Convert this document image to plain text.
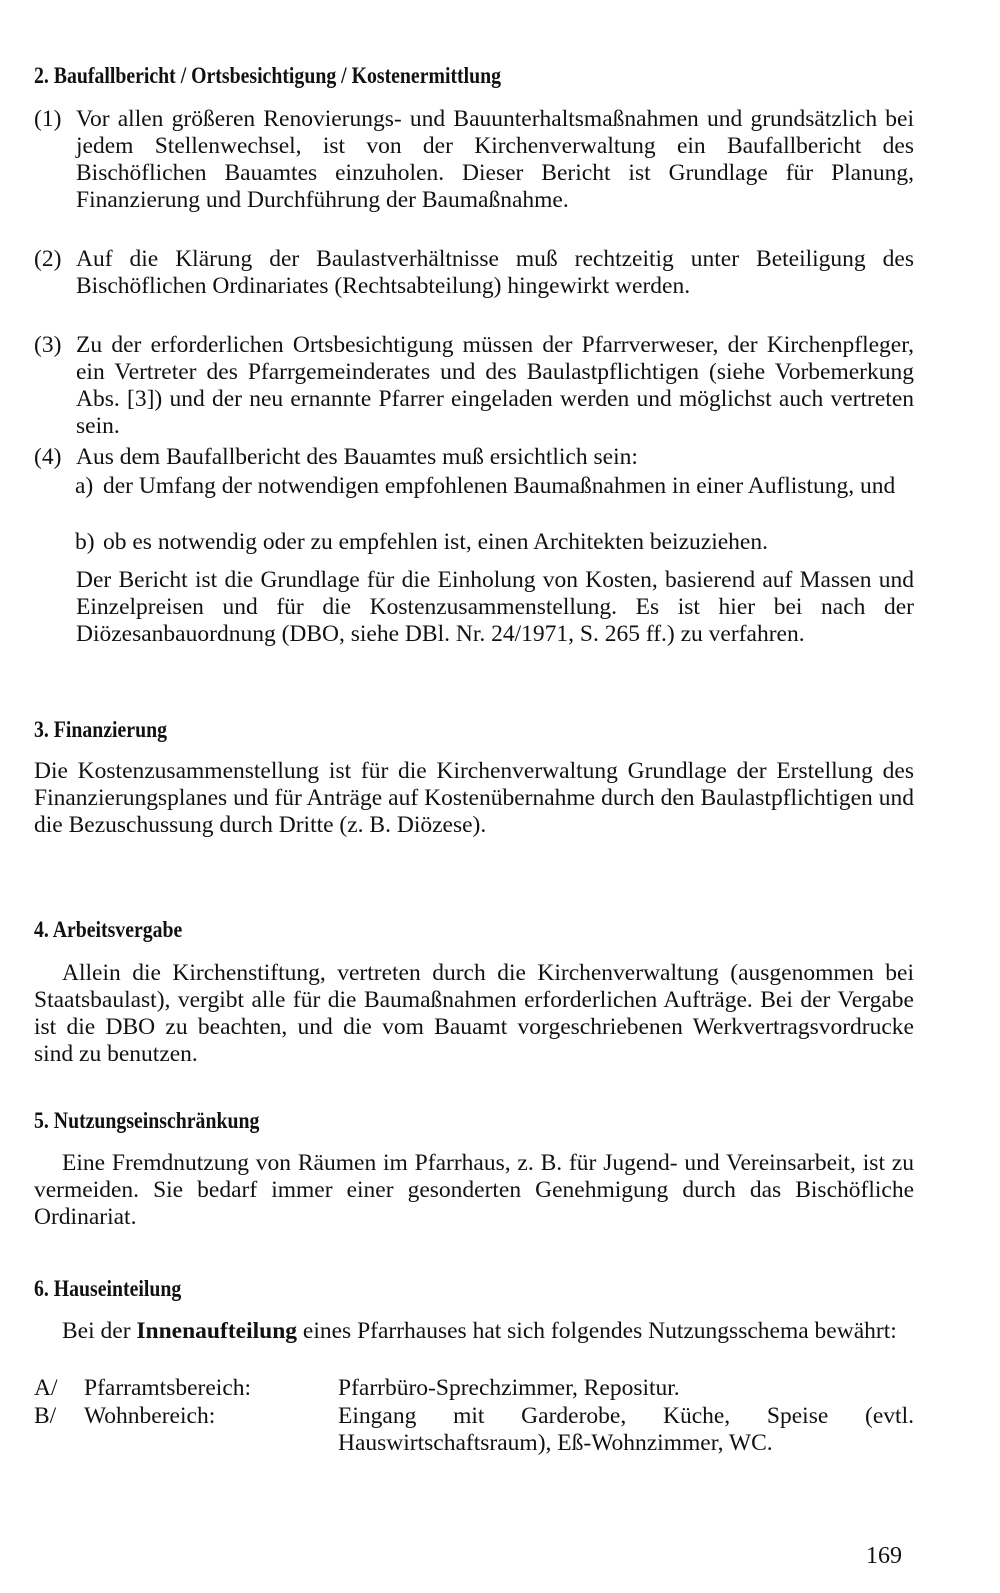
2. Baufallbericht / Ortsbesichtigung / Kostenermittlung
(1) Vor allen größeren Renovierungs- und Bauunterhaltsmaßnahmen und grundsätzlich bei jedem Stellenwechsel, ist von der Kirchenverwaltung ein Baufallbericht des Bischöflichen Bauamtes einzuholen. Dieser Bericht ist Grundlage für Planung, Finanzierung und Durchführung der Baumaßnahme.
(2) Auf die Klärung der Baulastverhältnisse muß rechtzeitig unter Beteiligung des Bischöflichen Ordinariates (Rechtsabteilung) hingewirkt werden.
(3) Zu der erforderlichen Ortsbesichtigung müssen der Pfarrverweser, der Kirchenpfleger, ein Vertreter des Pfarrgemeinderates und des Baulastpflichtigen (siehe Vorbemerkung Abs. [3]) und der neu ernannte Pfarrer eingeladen werden und möglichst auch vertreten sein.
(4) Aus dem Baufallbericht des Bauamtes muß ersichtlich sein:
a) der Umfang der notwendigen empfohlenen Baumaßnahmen in einer Auflistung, und
b) ob es notwendig oder zu empfehlen ist, einen Architekten beizuziehen.
Der Bericht ist die Grundlage für die Einholung von Kosten, basierend auf Massen und Einzelpreisen und für die Kostenzusammenstellung. Es ist hier bei nach der Diözesanbauordnung (DBO, siehe DBl. Nr. 24/1971, S. 265 ff.) zu verfahren.
3. Finanzierung
Die Kostenzusammenstellung ist für die Kirchenverwaltung Grundlage der Erstellung des Finanzierungsplanes und für Anträge auf Kostenübernahme durch den Baulastpflichtigen und die Bezuschussung durch Dritte (z. B. Diözese).
4. Arbeitsvergabe
Allein die Kirchenstiftung, vertreten durch die Kirchenverwaltung (ausgenommen bei Staatsbaulast), vergibt alle für die Baumaßnahmen erforderlichen Aufträge. Bei der Vergabe ist die DBO zu beachten, und die vom Bauamt vorgeschriebenen Werkvertragsvordrucke sind zu benutzen.
5. Nutzungseinschränkung
Eine Fremdnutzung von Räumen im Pfarrhaus, z. B. für Jugend- und Vereinsarbeit, ist zu vermeiden. Sie bedarf immer einer gesonderten Genehmigung durch das Bischöfliche Ordinariat.
6. Hauseinteilung
Bei der Innenaufteilung eines Pfarrhauses hat sich folgendes Nutzungsschema bewährt:
A/ Pfarramtsbereich:	Pfarrbüro-Sprechzimmer, Repositur.
B/ Wohnbereich:	Eingang mit Garderobe, Küche, Speise (evtl. Hauswirtschaftsraum), Eß-Wohnzimmer, WC.
169
